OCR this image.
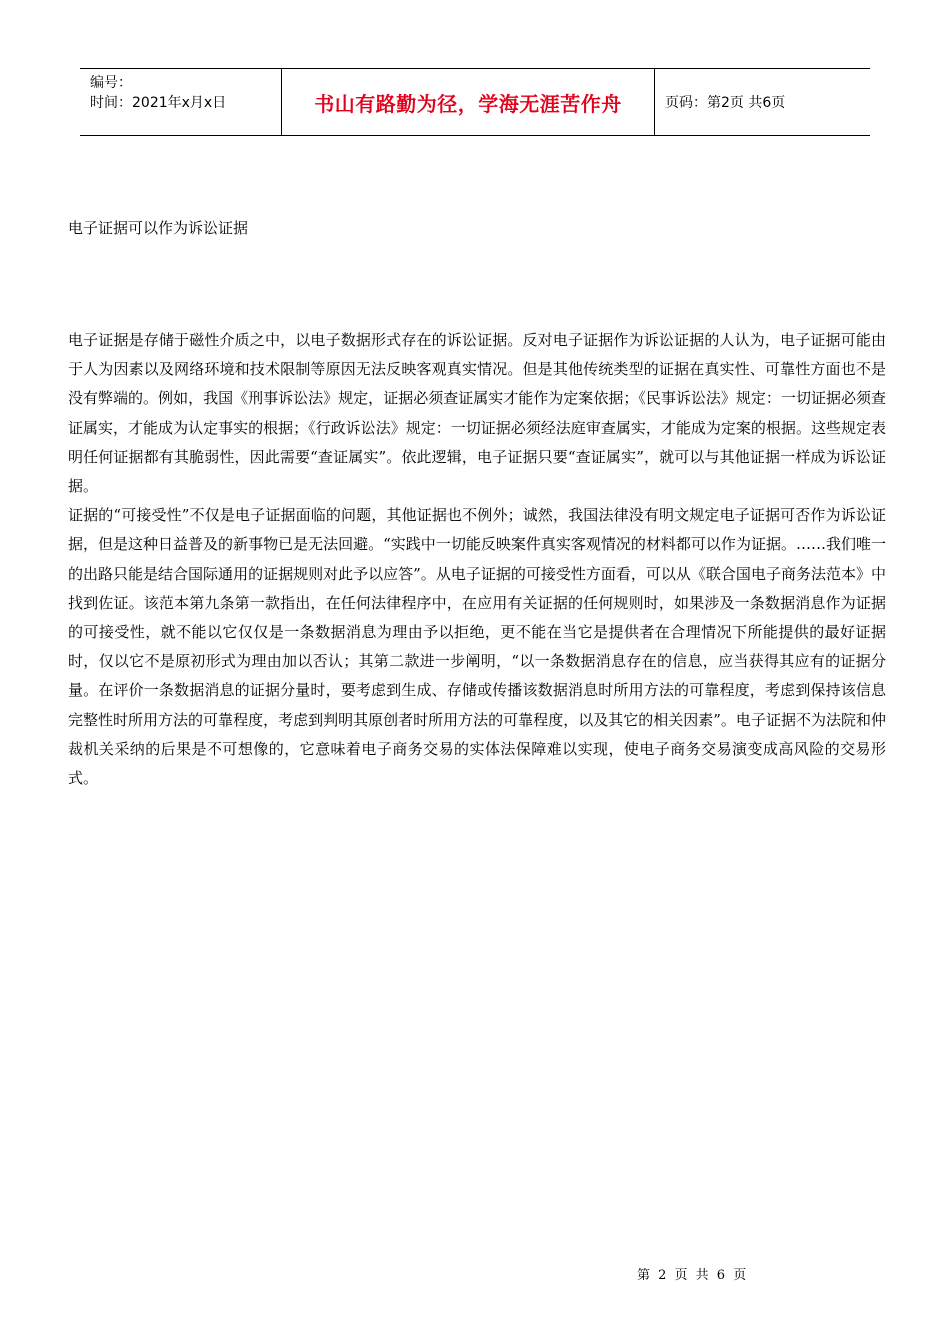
编号：
时间：2021年x月x日	书山有路勤为径，学海无涯苦作舟	页码：第2页 共6页
电子证据可以作为诉讼证据

电子证据是存储于磁性介质之中，以电子数据形式存在的诉讼证据。反对电子证据作为诉讼证据的人认为，电子证据可能由于人为因素以及网络环境和技术限制等原因无法反映客观真实情况。但是其他传统类型的证据在真实性、可靠性方面也不是没有弊端的。例如，我国《刑事诉讼法》规定，证据必须查证属实才能作为定案依据；《民事诉讼法》规定：一切证据必须查证属实，才能成为认定事实的根据；《行政诉讼法》规定：一切证据必须经法庭审查属实，才能成为定案的根据。这些规定表明任何证据都有其脆弱性，因此需要“查证属实”。依此逻辑，电子证据只要“查证属实”，就可以与其他证据一样成为诉讼证据。

证据的“可接受性”不仅是电子证据面临的问题，其他证据也不例外；诚然，我国法律没有明文规定电子证据可否作为诉讼证据，但是这种日益普及的新事物已是无法回避。“实践中一切能反映案件真实客观情况的材料都可以作为证据。……我们唯一的出路只能是结合国际通用的证据规则对此予以应答”。从电子证据的可接受性方面看，可以从《联合国电子商务法范本》中找到佐证。该范本第九条第一款指出，在任何法律程序中，在应用有关证据的任何规则时，如果涉及一条数据消息作为证据的可接受性，就不能以它仅仅是一条数据消息为理由予以拒绝，更不能在当它是提供者在合理情况下所能提供的最好证据时，仅以它不是原初形式为理由加以否认；其第二款进一步阐明，“以一条数据消息存在的信息，应当获得其应有的证据分量。在评价一条数据消息的证据分量时，要考虑到生成、存储或传播该数据消息时所用方法的可靠程度，考虑到保持该信息完整性时所用方法的可靠程度，考虑到判明其原创者时所用方法的可靠程度，以及其它的相关因素”。电子证据不为法院和仲裁机关采纳的后果是不可想像的，它意味着电子商务交易的实体法保障难以实现，使电子商务交易演变成高风险的交易形式。

第 2 页 共 6 页
